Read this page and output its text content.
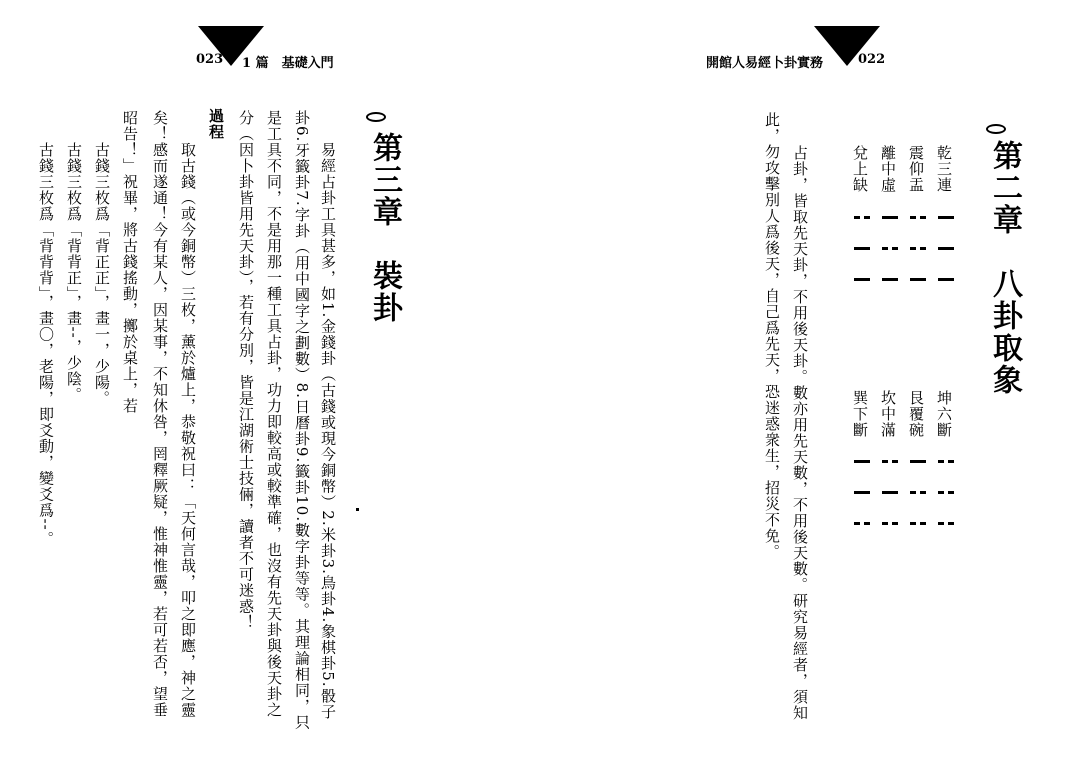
023 1 篇　基礎入門
第三章　裝卦
易經占卦工具甚多，如1.金錢卦（古錢或現今銅幣）2.米卦3.鳥卦4.象棋卦5.骰子
卦6.牙籤卦7.字卦（用中國字之劃數）8.日曆卦9.籤卦10.數字卦等等。其理論相同，只
是工具不同，不是用那一種工具占卦，功力即較高或較準確，也沒有先天卦與後天卦之
分（因卜卦皆用先天卦），若有分別，皆是江湖術士技倆，讀者不可迷惑！
過程
取古錢（或今銅幣）三枚，薰於爐上，恭敬祝曰：「天何言哉，叩之即應，神之靈
矣！感而遂通！今有某人，因某事，不知休咎，罔釋厥疑，惟神惟靈，若可若否，望垂
昭告！」祝畢，將古錢搖動，擲於桌上，若
古錢三枚爲「背正正」，畫一，少陽。
古錢三枚爲「背背正」，畫--，少陰。
古錢三枚爲「背背背」，畫〇，老陽，即爻動，變爻爲--。
開館人易經卜卦實務	022
第二章　八卦取象
乾三連
震仰盂
離中虛
兌上缺
坤六斷
艮覆碗
坎中滿
巽下斷
占卦，皆取先天卦，不用後天卦。數亦用先天數，不用後天數。研究易經者，須知
此，勿攻擊別人爲後天，自己爲先天，恐迷惑衆生，招災不免。
